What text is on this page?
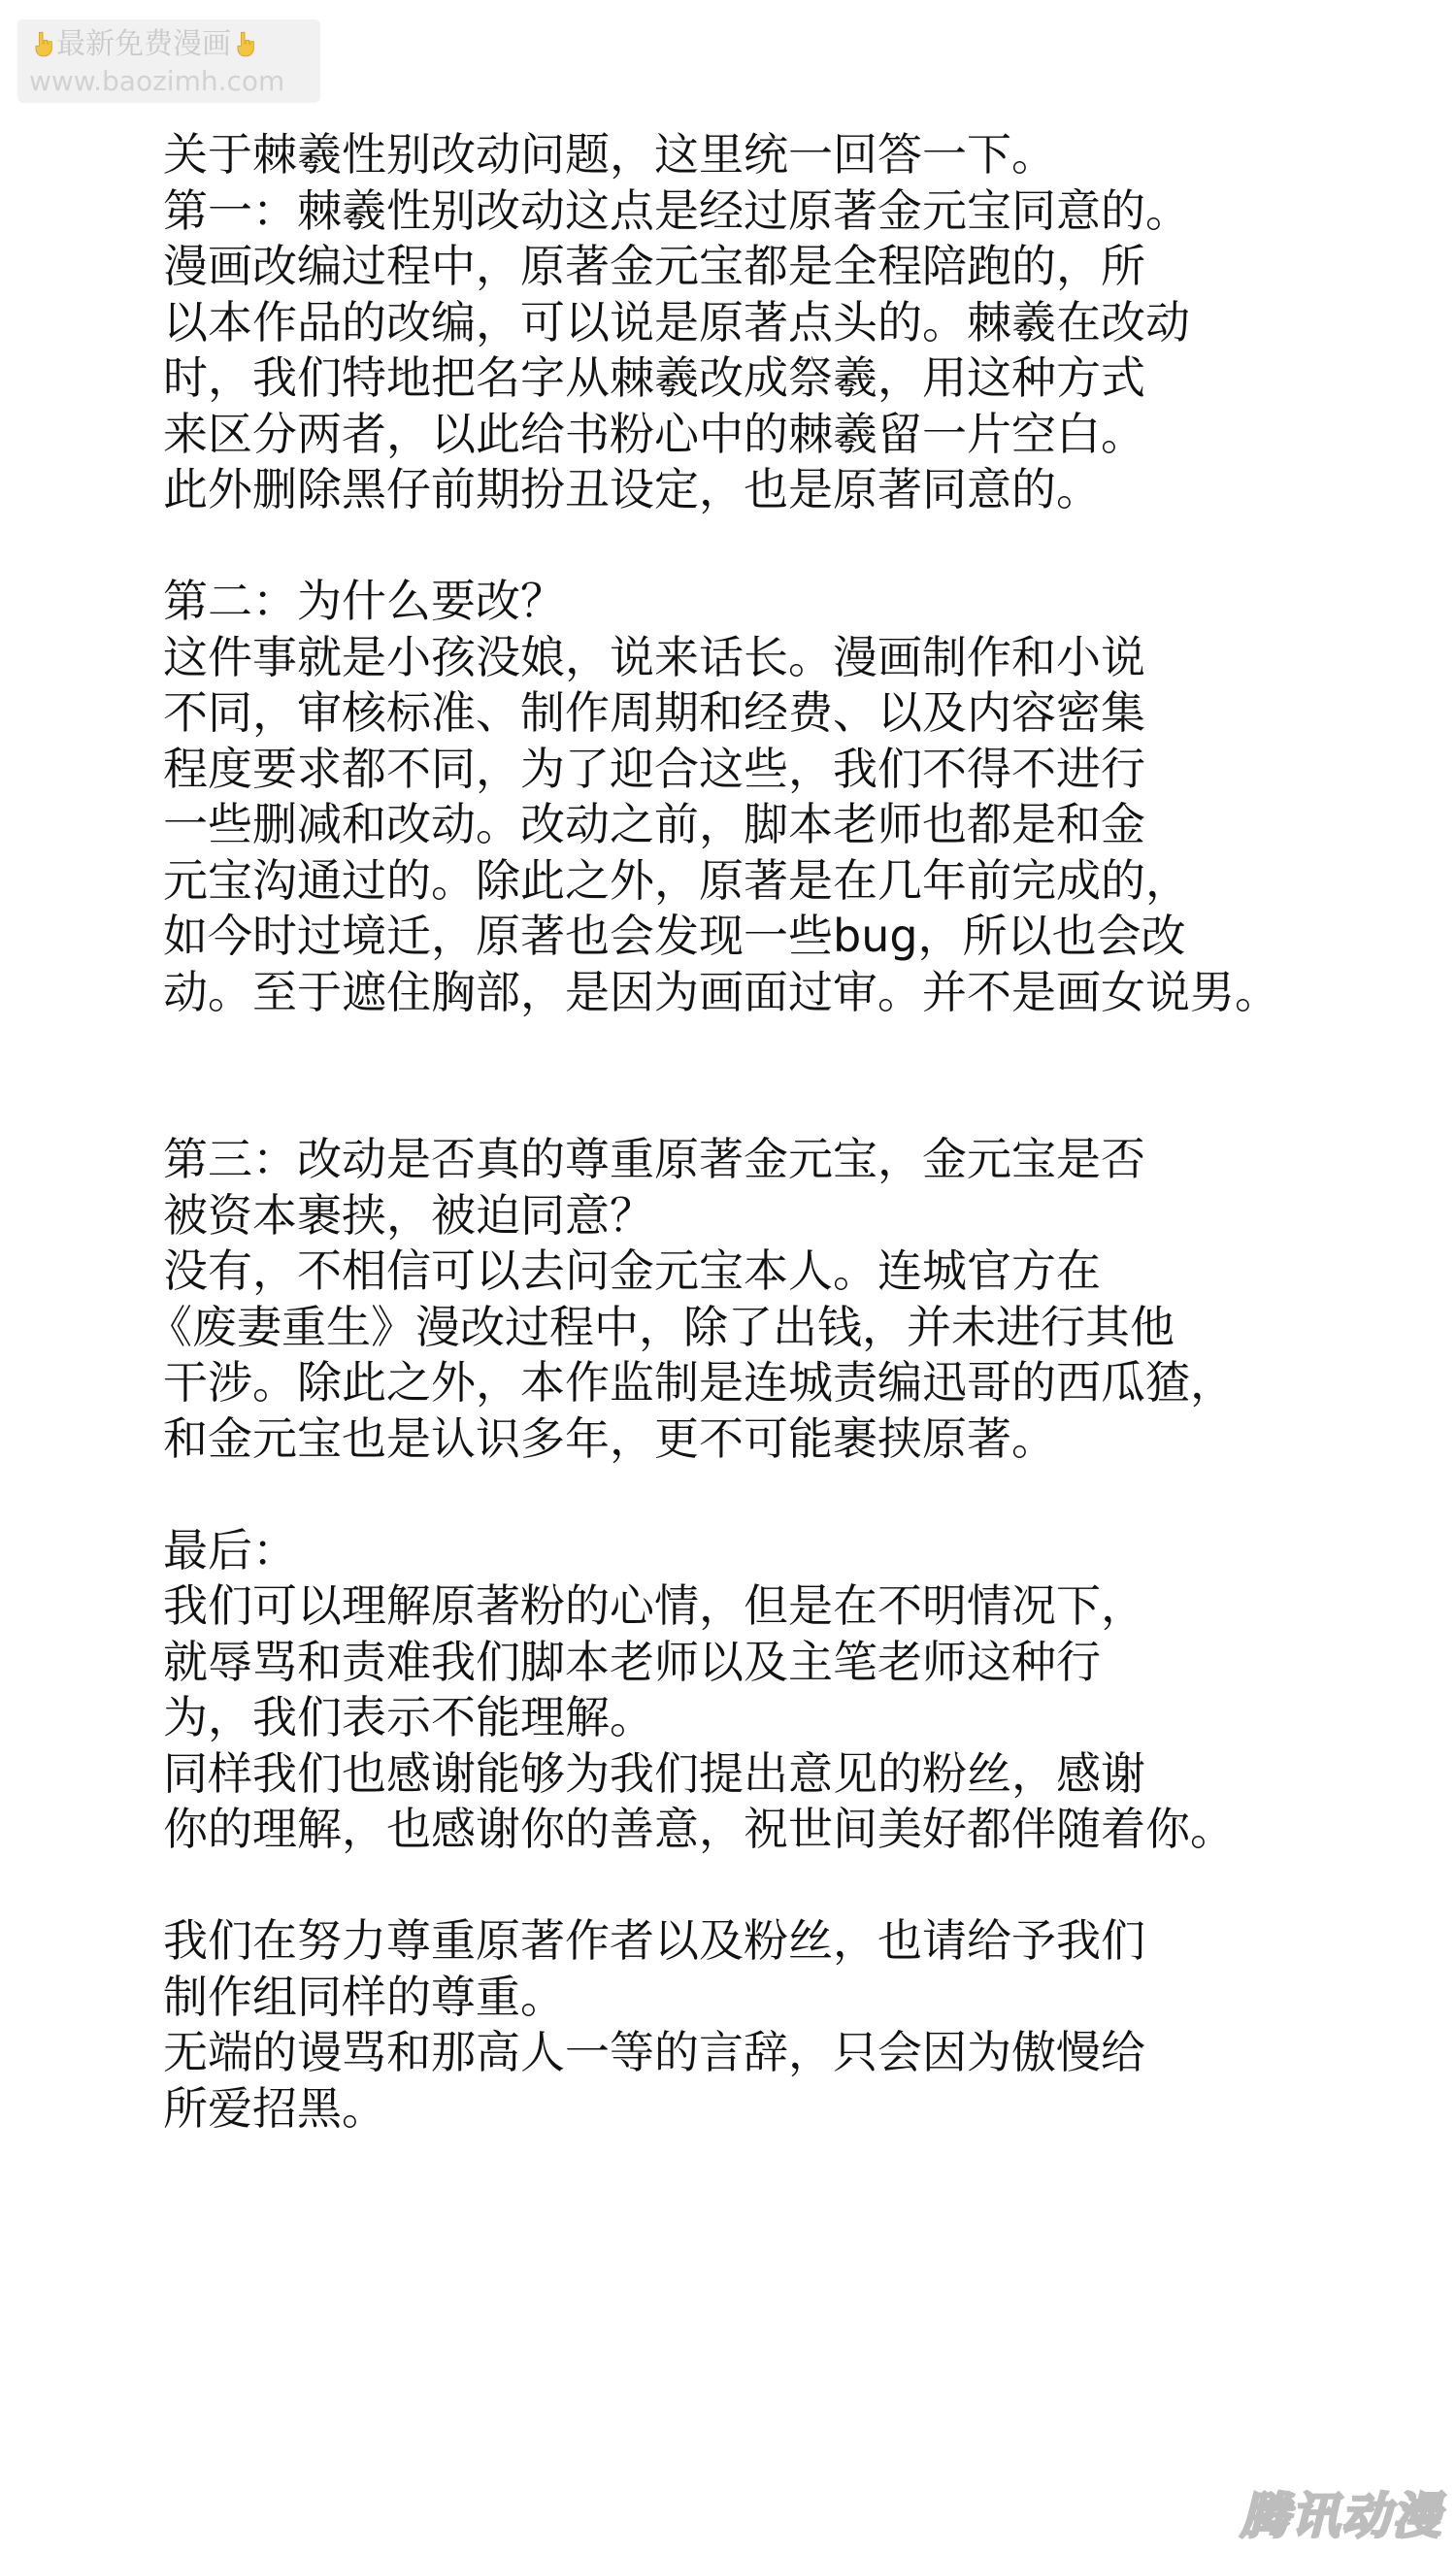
最新免费漫画
www.baozimh.com
关于棘羲性别改动问题，这里统一回答一下。
第一：棘羲性别改动这点是经过原著金元宝同意的。
漫画改编过程中，原著金元宝都是全程陪跑的，所
以本作品的改编，可以说是原著点头的。棘羲在改动
时，我们特地把名字从棘羲改成祭羲，用这种方式
来区分两者，以此给书粉心中的棘羲留一片空白。
此外删除黑仔前期扮丑设定，也是原著同意的。
第二：为什么要改？
这件事就是小孩没娘，说来话长。漫画制作和小说
不同，审核标准、制作周期和经费、以及内容密集
程度要求都不同，为了迎合这些，我们不得不进行
一些删减和改动。改动之前，脚本老师也都是和金
元宝沟通过的。除此之外，原著是在几年前完成的，
如今时过境迁，原著也会发现一些bug，所以也会改
动。至于遮住胸部，是因为画面过审。并不是画女说男。
第三：改动是否真的尊重原著金元宝，金元宝是否
被资本裹挟，被迫同意？
没有，不相信可以去问金元宝本人。连城官方在
《废妻重生》漫改过程中，除了出钱，并未进行其他
干涉。除此之外，本作监制是连城责编迅哥的西瓜猹，
和金元宝也是认识多年，更不可能裹挟原著。
最后：
我们可以理解原著粉的心情，但是在不明情况下，
就辱骂和责难我们脚本老师以及主笔老师这种行
为，我们表示不能理解。
同样我们也感谢能够为我们提出意见的粉丝，感谢
你的理解，也感谢你的善意，祝世间美好都伴随着你。
我们在努力尊重原著作者以及粉丝，也请给予我们
制作组同样的尊重。
无端的谩骂和那高人一等的言辞，只会因为傲慢给
所爱招黑。
腾讯动漫
